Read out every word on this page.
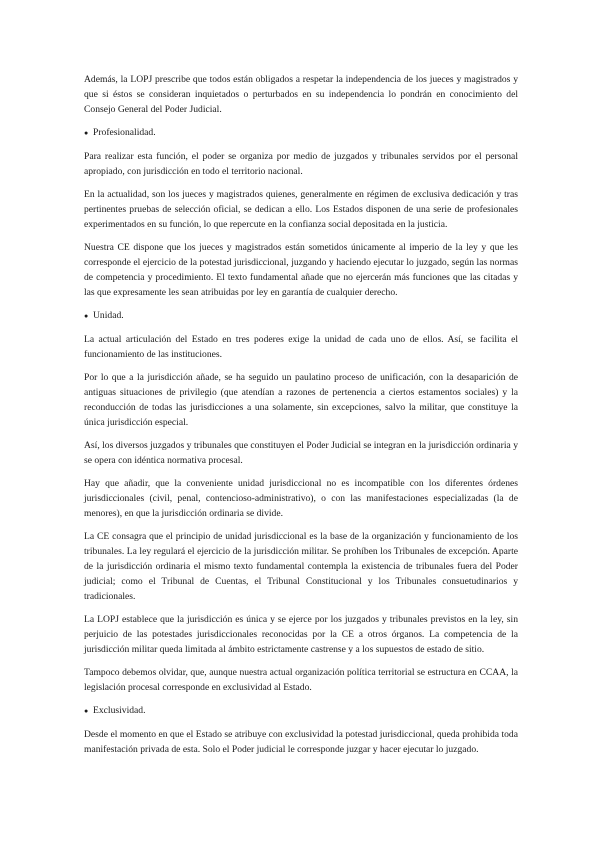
Además, la LOPJ prescribe que todos están obligados a respetar la independencia de los jueces y magistrados y que si éstos se consideran inquietados o perturbados en su independencia lo pondrán en conocimiento del Consejo General del Poder Judicial.

● Profesionalidad.

Para realizar esta función, el poder se organiza por medio de juzgados y tribunales servidos por el personal apropiado, con jurisdicción en todo el territorio nacional.

En la actualidad, son los jueces y magistrados quienes, generalmente en régimen de exclusiva dedicación y tras pertinentes pruebas de selección oficial, se dedican a ello. Los Estados disponen de una serie de profesionales experimentados en su función, lo que repercute en la confianza social depositada en la justicia.

Nuestra CE dispone que los jueces y magistrados están sometidos únicamente al imperio de la ley y que les corresponde el ejercicio de la potestad jurisdiccional, juzgando y haciendo ejecutar lo juzgado, según las normas de competencia y procedimiento. El texto fundamental añade que no ejercerán más funciones que las citadas y las que expresamente les sean atribuidas por ley en garantía de cualquier derecho.

● Unidad.

La actual articulación del Estado en tres poderes exige la unidad de cada uno de ellos. Así, se facilita el funcionamiento de las instituciones.

Por lo que a la jurisdicción añade, se ha seguido un paulatino proceso de unificación, con la desaparición de antiguas situaciones de privilegio (que atendían a razones de pertenencia a ciertos estamentos sociales) y la reconducción de todas las jurisdicciones a una solamente, sin excepciones, salvo la militar, que constituye la única jurisdicción especial.

Así, los diversos juzgados y tribunales que constituyen el Poder Judicial se integran en la jurisdicción ordinaria y se opera con idéntica normativa procesal.

Hay que añadir, que la conveniente unidad jurisdiccional no es incompatible con los diferentes órdenes jurisdiccionales (civil, penal, contencioso-administrativo), o con las manifestaciones especializadas (la de menores), en que la jurisdicción ordinaria se divide.

La CE consagra que el principio de unidad jurisdiccional es la base de la organización y funcionamiento de los tribunales. La ley regulará el ejercicio de la jurisdicción militar. Se prohíben los Tribunales de excepción. Aparte de la jurisdicción ordinaria el mismo texto fundamental contempla la existencia de tribunales fuera del Poder judicial; como el Tribunal de Cuentas, el Tribunal Constitucional y los Tribunales consuetudinarios y tradicionales.

La LOPJ establece que la jurisdicción es única y se ejerce por los juzgados y tribunales previstos en la ley, sin perjuicio de las potestades jurisdiccionales reconocidas por la CE a otros órganos. La competencia de la jurisdicción militar queda limitada al ámbito estrictamente castrense y a los supuestos de estado de sitio.

Tampoco debemos olvidar, que, aunque nuestra actual organización política territorial se estructura en CCAA, la legislación procesal corresponde en exclusividad al Estado.

● Exclusividad.

Desde el momento en que el Estado se atribuye con exclusividad la potestad jurisdiccional, queda prohibida toda manifestación privada de esta. Solo el Poder judicial le corresponde juzgar y hacer ejecutar lo juzgado.
